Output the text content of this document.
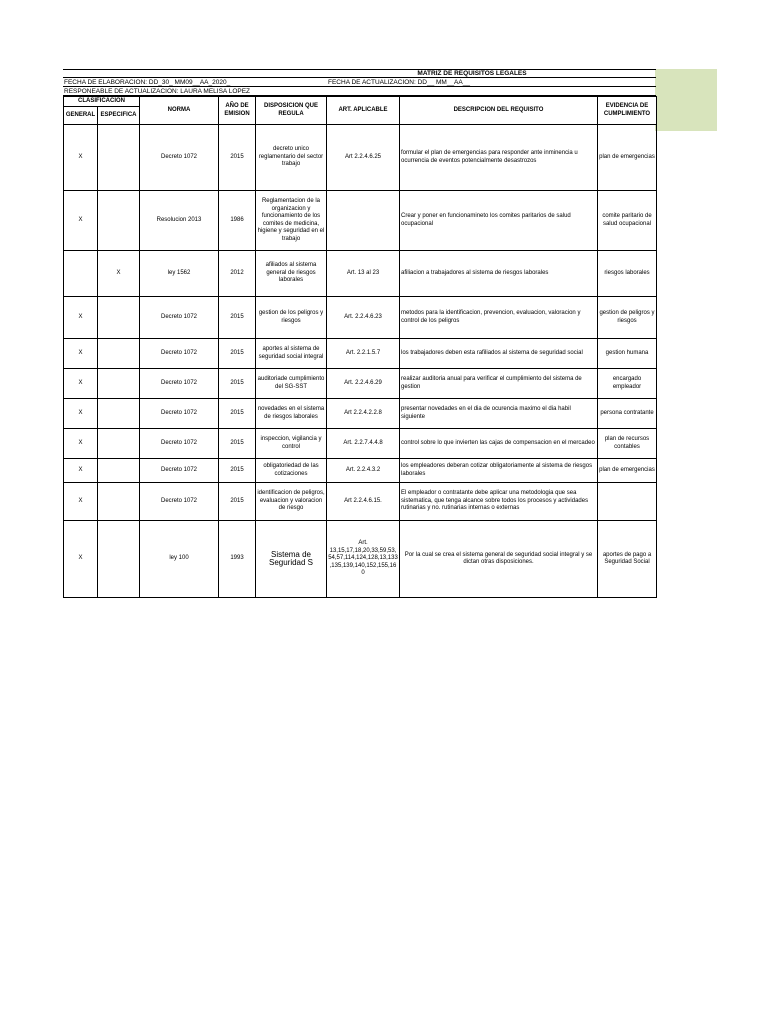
MATRIZ DE REQUISITOS LEGALES
FECHA DE ELABORACION: DD_30_ MM09__AA_2020_	FECHA DE ACTUALIZACION: DD__ MM__AA__
RESPONEABLE DE ACTUALIZACION: LAURA MELISA LOPEZ
CLASIFICACION		NORMA	AÑO DE EMISION	DISPOSICION QUE REGULA	ART. APLICABLE	DESCRIPCION DEL REQUISITO	EVIDENCIA DE CUMPLIMIENTO
GENERAL	ESPECIFICA						
X		Decreto 1072	2015	decreto unico reglamentario del sector trabajo	Art 2.2.4.6.25	formular el plan de emergencias para responder ante inminencia u ocurrencia de eventos potencialmente desastrozos	plan de emergencias
X		Resolucion 2013	1986	Reglamentacion de la organizacion y funcionamiento de los comites de medicina, higiene y seguridad en el trabajo		Crear y poner en funcionamineto los comites paritarios de salud ocupacional	comite paritario de salud ocupacional
	X	ley 1562	2012	afiliados al sistema general de riesgos laborales	Art. 13 al 23	afiliacion a trabajadores al sistema de riesgos laborales	riesgos laborales
X		Decreto 1072	2015	gestion de los peligros y riesgos	Art. 2.2.4.6.23	metodos para la identificacion, prevencion, evaluacion, valoracion y control de los peligros	gestion de peligros y riesgos
X		Decreto 1072	2015	aportes al sistema de seguridad social integral	Art. 2.2.1.5.7	los trabajadores deben esta rafiliados al sistema de seguridad social	gestion humana
X		Decreto 1072	2015	auditoriade cumplimiento del SG-SST	Art. 2.2.4.6.29	realizar auditoria anual para verificar el cumplimiento del sistema de gestion	encargado empleador
X		Decreto 1072	2015	novedades en el sistema de riesgos laborales	Art 2.2.4.2.2.8	presentar novedades en el dia de ocurencia maximo el dia habil siguiente	persona contratante
X		Decreto 1072	2015	inspeccion, vigilancia y control	Art. 2.2.7.4.4.8	control sobre lo que invierten las cajas de compensacion en el mercadeo	plan de recursos contables
X		Decreto 1072	2015	obligatoriedad de las cotizaciones	Art. 2.2.4.3.2	los empleadores deberan cotizar obligatoriamente al sistema de riesgos laborales	plan de emergencias
X		Decreto 1072	2015	identificacion de peligros, evaluacion y valoracion de riesgo	Art 2.2.4.6.15.	El empleador o contratante debe aplicar una metodologia que sea sistematica, que tenga alcance sobre todos los procesos y actividades rutinarias y no. rutinarias internas o externas	
X		ley 100	1993	Sistema de Seguridad S	Art. 13,15,17,18,20,33,59,53,54,57,114,124,128,13,133,135,139,140,152,155,160	Por la cual se crea el sistema general de seguridad social integral y se dictan otras disposiciones.	aportes de pago a Seguridad Social
